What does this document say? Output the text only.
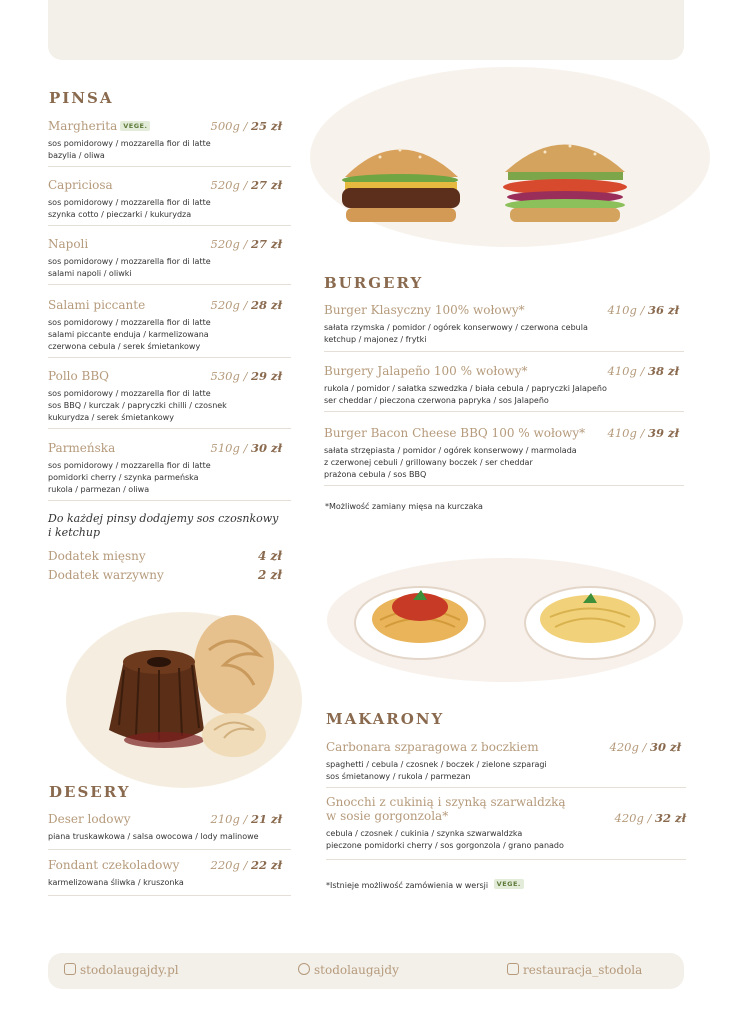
PINSA
Margherita VEGE.	500g / 25 zł
sos pomidorowy / mozzarella fior di latte
bazylia / oliwa
Capriciosa	520g / 27 zł
sos pomidorowy / mozzarella fior di latte
szynka cotto / pieczarki / kukurydza
Napoli	520g / 27 zł
sos pomidorowy / mozzarella fior di latte
salami napoli / oliwki
Salami piccante	520g / 28 zł
sos pomidorowy / mozzarella fior di latte
salami piccante enduja / karmelizowana
czerwona cebula / serek śmietankowy
Pollo BBQ	530g / 29 zł
sos pomidorowy / mozzarella fior di latte
sos BBQ / kurczak / papryczki chilli / czosnek
kukurydza / serek śmietankowy
Parmeńska	510g / 30 zł
sos pomidorowy / mozzarella fior di latte
pomidorki cherry / szynka parmeńska
rukola / parmezan / oliwa
Do każdej pinsy dodajemy sos czosnkowy
i ketchup
Dodatek mięsny	4 zł
Dodatek warzywny	2 zł
DESERY
Deser lodowy	210g / 21 zł
piana truskawkowa / salsa owocowa / lody malinowe
Fondant czekoladowy	220g / 22 zł
karmelizowana śliwka / kruszonka
BURGERY
Burger Klasyczny 100% wołowy*	410g / 36 zł
sałata rzymska / pomidor / ogórek konserwowy / czerwona cebula
ketchup / majonez / frytki
Burgery Jalapeño 100 % wołowy*	410g / 38 zł
rukola / pomidor / sałatka szwedzka / biała cebula / papryczki Jalapeño
ser cheddar / pieczona czerwona papryka / sos Jalapeño
Burger Bacon Cheese BBQ 100 % wołowy*	410g / 39 zł
sałata strzępiasta / pomidor / ogórek konserwowy / marmolada
z czerwonej cebuli / grillowany boczek / ser cheddar
prażona cebula / sos BBQ
*Możliwość zamiany mięsa na kurczaka
MAKARONY
Carbonara szparagowa z boczkiem	420g / 30 zł
spaghetti / cebula / czosnek / boczek / zielone szparagi
sos śmietanowy / rukola / parmezan
Gnocchi z cukinią i szynką szarwaldzką
w sosie gorgonzola*	420g / 32 zł
cebula / czosnek / cukinia / szynka szwarwaldzka
pieczone pomidorki cherry / sos gorgonzola / grano panado
*Istnieje możliwość zamówienia w wersji VEGE.
stodolaugajdy.pl	stodolaugajdy	restauracja_stodola
